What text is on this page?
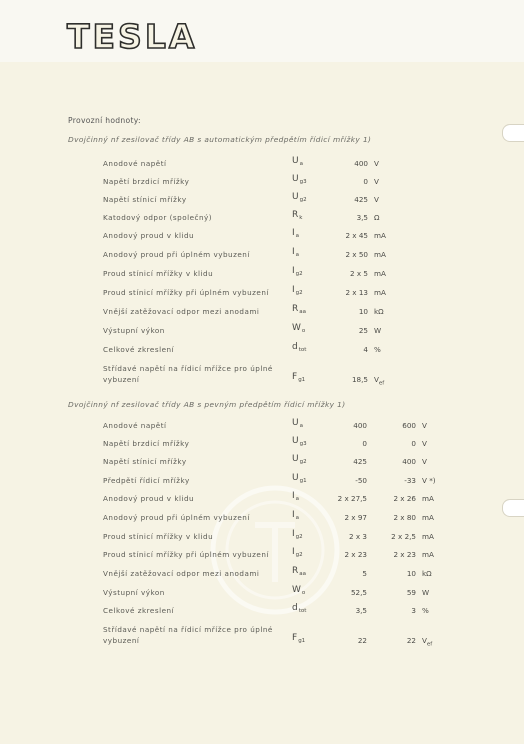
TESLA
Provozní hodnoty:
Dvojčinný nf zesilovač třídy AB s automatickým předpětím řídicí mřížky 1)
Anodové napětí	$U_a$	400 V
Napětí brzdicí mřížky	$U_{g3}$	0 V
Napětí stínicí mřížky	$U_{g2}$	425 V
Katodový odpor (společný)	$R_k$	3,5 Ω
Anodový proud v klidu	$I_a$	2 x 45 mA
Anodový proud při úplném vybuzení	$I_a$	2 x 50 mA
Proud stínicí mřížky v klidu	$I_{g2}$	2 x 5 mA
Proud stínicí mřížky při úplném vybuzení	$I_{g2}$	2 x 13 mA
Vnější zatěžovací odpor mezi anodami	$R_{aa}$	10 kΩ
Výstupní výkon	$W_o$	25 W
Celkové zkreslení	$d_{tot}$	4 %
Střídavé napětí na řídicí mřížce pro úplné
vybuzení	$F_{g1}$	18,5 $V_{ef}$
Dvojčinný nf zesilovač třídy AB s pevným předpětím řídicí mřížky 1)
Anodové napětí	$U_a$	400	600 V
Napětí brzdicí mřížky	$U_{g3}$	0	0 V
Napětí stínicí mřížky	$U_{g2}$	425	400 V
Předpětí řídicí mřížky	$U_{g1}$	-50	-33 V *)
Anodový proud v klidu	$I_a$	2 x 27,5	2 x 26 mA
Anodový proud při úplném vybuzení	$I_a$	2 x 97	2 x 80 mA
Proud stínicí mřížky v klidu	$I_{g2}$	2 x 3	2 x 2,5 mA
Proud stínicí mřížky při úplném vybuzení	$I_{g2}$	2 x 23	2 x 23 mA
Vnější zatěžovací odpor mezi anodami	$R_{aa}$	5	10 kΩ
Výstupní výkon	$W_o$	52,5	59 W
Celkové zkreslení	$d_{tot}$	3,5	3 %
Střídavé napětí na řídicí mřížce pro úplné
vybuzení	$F_{g1}$	22	22 $V_{ef}$
